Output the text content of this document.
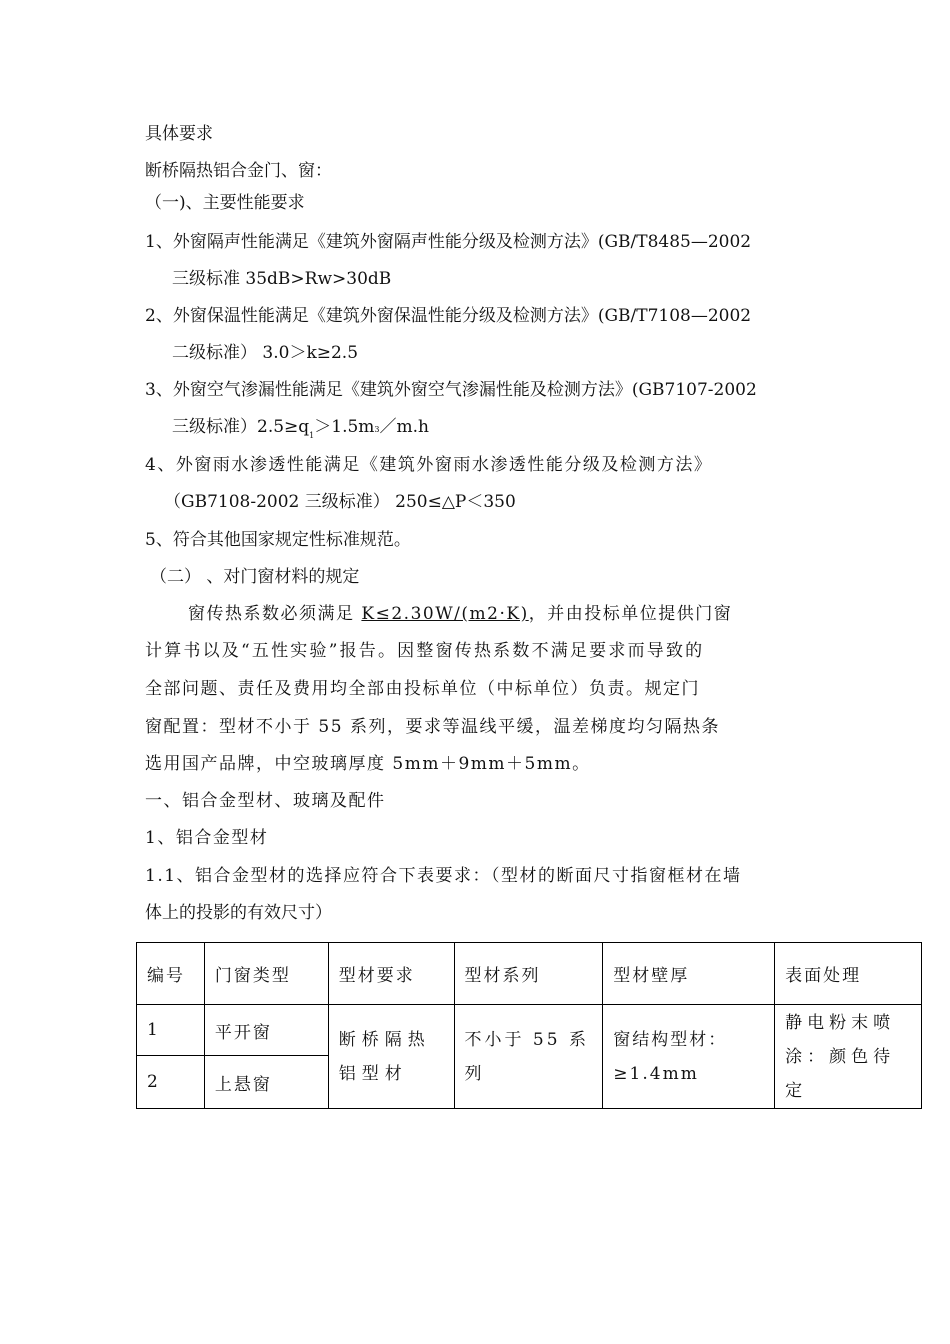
具体要求
断桥隔热铝合金门、窗：
（一)、主要性能要求
1、外窗隔声性能满足《建筑外窗隔声性能分级及检测方法》(GB/T8485—2002
三级标准 35dB>Rw>30dB
2、外窗保温性能满足《建筑外窗保温性能分级及检测方法》(GB/T7108—2002
二级标准） 3.0＞k≥2.5
3、外窗空气渗漏性能满足《建筑外窗空气渗漏性能及检测方法》(GB7107-2002
三级标准）$2.5\ge q_1>1.5m3/m.h$
4、外窗雨水渗透性能满足《建筑外窗雨水渗透性能分级及检测方法》
（GB7108-2002 三级标准） 250≤△P＜350
5、符合其他国家规定性标准规范。
（二） 、对门窗材料的规定
窗传热系数必须满足 K≤2.30W/(m2·K)，并由投标单位提供门窗
计算书以及“五性实验”报告。因整窗传热系数不满足要求而导致的
全部问题、责任及费用均全部由投标单位（中标单位）负责。规定门
窗配置：型材不小于 55 系列，要求等温线平缓，温差梯度均匀隔热条
选用国产品牌，中空玻璃厚度 5mm＋9mm＋5mm。
一、铝合金型材、玻璃及配件
1、铝合金型材
1.1、铝合金型材的选择应符合下表要求：（型材的断面尺寸指窗框材在墙
体上的投影的有效尺寸）
编号	门窗类型	型材要求	型材系列	型材壁厚	表面处理
1	平开窗	断桥隔热铝型材	不小于 55 系列	窗结构型材：≥1.4mm	静电粉末喷涂：颜色待定
2	上悬窗				
